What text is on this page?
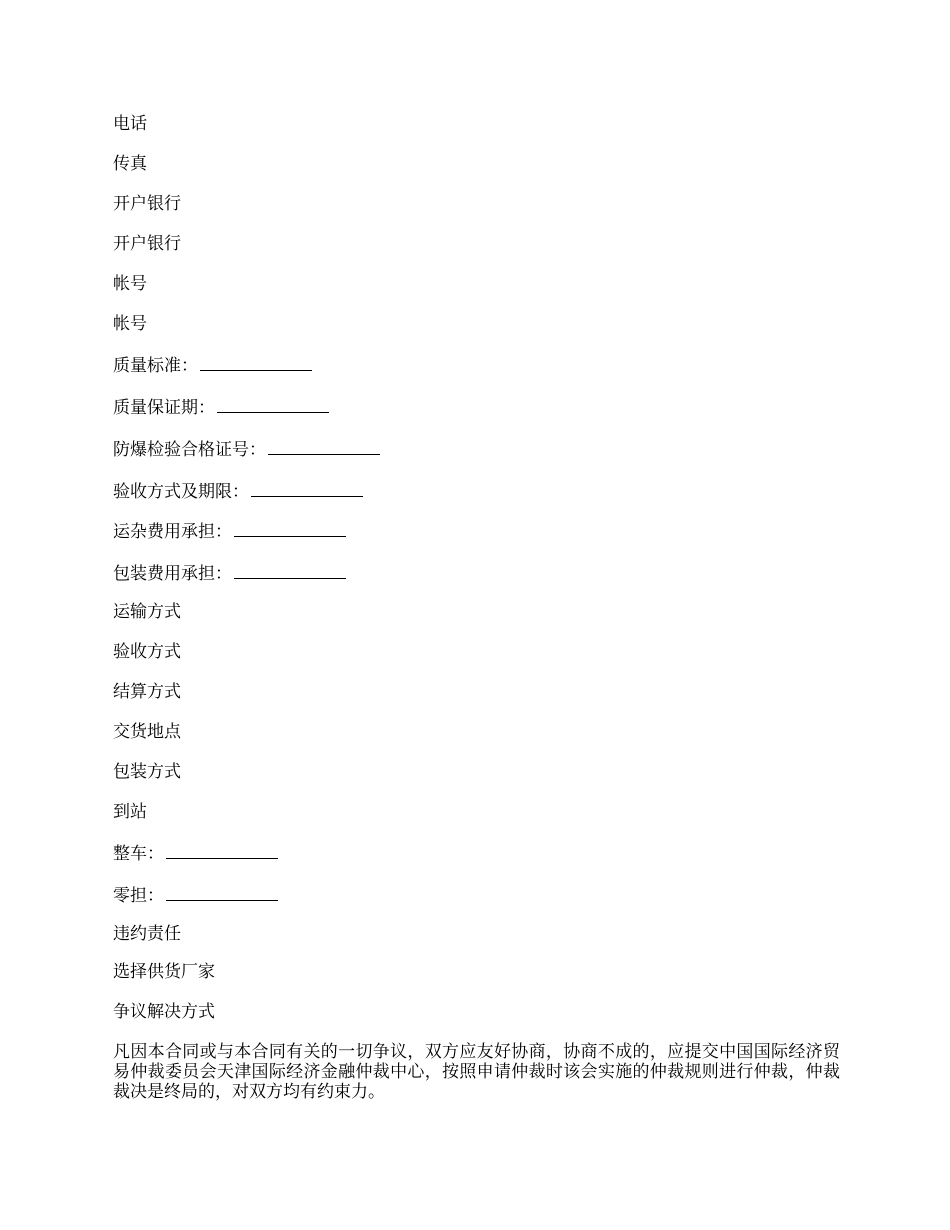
电话
传真
开户银行
开户银行
帐号
帐号
质量标准：
质量保证期：
防爆检验合格证号：
验收方式及期限：
运杂费用承担：
包装费用承担：
运输方式
验收方式
结算方式
交货地点
包装方式
到站
整车：
零担：
违约责任
选择供货厂家
争议解决方式
凡因本合同或与本合同有关的一切争议，双方应友好协商，协商不成的，应提交中国国际经济贸易仲裁委员会天津国际经济金融仲裁中心，按照申请仲裁时该会实施的仲裁规则进行仲裁，仲裁裁决是终局的，对双方均有约束力。
